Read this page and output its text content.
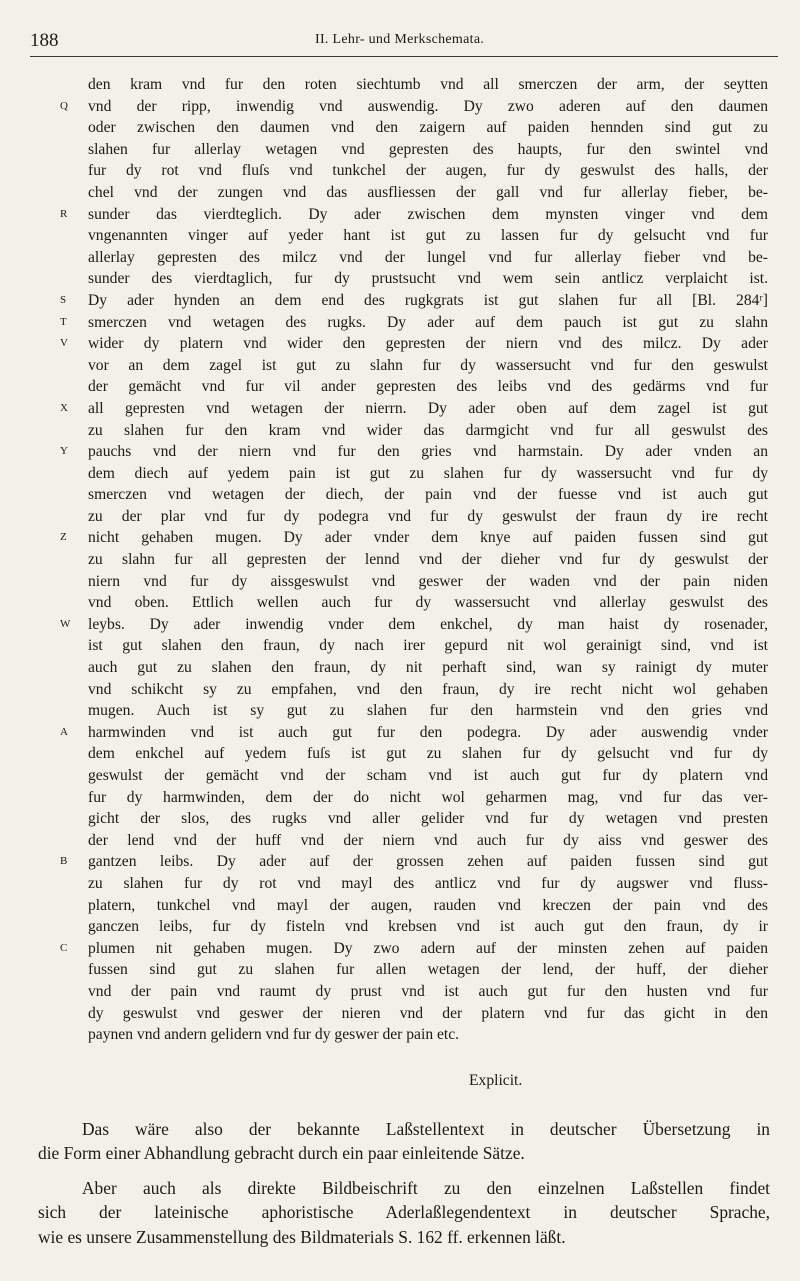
188	II. Lehr- und Merkschemata.
den kram vnd fur den roten siechtumb vnd all smerczen der arm, der seytten
Q vnd der ripp, inwendig vnd auswendig. Dy zwo aderen auf den daumen
oder zwischen den daumen vnd den zaigern auf paiden hennden sind gut zu
slahen fur allerlay wetagen vnd gepresten des haupts, fur den swintel vnd
fur dy rot vnd fluſs vnd tunkchel der augen, fur dy geswulst des halls, der
chel vnd der zungen vnd das ausfliessen der gall vnd fur allerlay fieber, be-
R sunder das vierdteglich. Dy ader zwischen dem mynsten vinger vnd dem
vngenannten vinger auf yeder hant ist gut zu lassen fur dy gelsucht vnd fur
allerlay gepresten des milcz vnd der lungel vnd fur allerlay fieber vnd be-
sunder des vierdtaglich, fur dy prustsucht vnd wem sein antlicz verplaicht ist.
S Dy ader hynden an dem end des rugkgrats ist gut slahen fur all [Bl. 284ʳ]
T smerczen vnd wetagen des rugks. Dy ader auf dem pauch ist gut zu slahn
V wider dy platern vnd wider den gepresten der niern vnd des milcz. Dy ader
vor an dem zagel ist gut zu slahn fur dy wassersucht vnd fur den geswulst
der gemächt vnd fur vil ander gepresten des leibs vnd des gedärms vnd fur
X all gepresten vnd wetagen der nierrn. Dy ader oben auf dem zagel ist gut
zu slahen fur den kram vnd wider das darmgicht vnd fur all geswulst des
Y pauchs vnd der niern vnd fur den gries vnd harmstain. Dy ader vnden an
dem diech auf yedem pain ist gut zu slahen fur dy wassersucht vnd fur dy
smerczen vnd wetagen der diech, der pain vnd der fuesse vnd ist auch gut
zu der plar vnd fur dy podegra vnd fur dy geswulst der fraun dy ire recht
Z nicht gehaben mugen. Dy ader vnder dem knye auf paiden fussen sind gut
zu slahn fur all gepresten der lennd vnd der dieher vnd fur dy geswulst der
niern vnd fur dy aissgeswulst vnd geswer der waden vnd der pain niden
vnd oben. Ettlich wellen auch fur dy wassersucht vnd allerlay geswulst des
W leybs. Dy ader inwendig vnder dem enkchel, dy man haist dy rosenader,
ist gut slahen den fraun, dy nach irer gepurd nit wol gerainigt sind, vnd ist
auch gut zu slahen den fraun, dy nit perhaft sind, wan sy rainigt dy muter
vnd schikcht sy zu empfahen, vnd den fraun, dy ire recht nicht wol gehaben
mugen. Auch ist sy gut zu slahen fur den harmstein vnd den gries vnd
A harmwinden vnd ist auch gut fur den podegra. Dy ader auswendig vnder
dem enkchel auf yedem fuſs ist gut zu slahen fur dy gelsucht vnd fur dy
geswulst der gemächt vnd der scham vnd ist auch gut fur dy platern vnd
fur dy harmwinden, dem der do nicht wol geharmen mag, vnd fur das ver-
gicht der slos, des rugks vnd aller gelider vnd fur dy wetagen vnd presten
der lend vnd der huff vnd der niern vnd auch fur dy aiss vnd geswer des
B gantzen leibs. Dy ader auf der grossen zehen auf paiden fussen sind gut
zu slahen fur dy rot vnd mayl des antlicz vnd fur dy augswer vnd fluss-
platern, tunkchel vnd mayl der augen, rauden vnd kreczen der pain vnd des
ganczen leibs, fur dy fisteln vnd krebsen vnd ist auch gut den fraun, dy ir
C plumen nit gehaben mugen. Dy zwo adern auf der minsten zehen auf paiden
fussen sind gut zu slahen fur allen wetagen der lend, der huff, der dieher
vnd der pain vnd raumt dy prust vnd ist auch gut fur den husten vnd fur
dy geswulst vnd geswer der nieren vnd der platern vnd fur das gicht in den
paynen vnd andern gelidern vnd fur dy geswer der pain etc.
Explicit.
Das wäre also der bekannte Laßstellentext in deutscher Übersetzung in
die Form einer Abhandlung gebracht durch ein paar einleitende Sätze.
Aber auch als direkte Bildbeischrift zu den einzelnen Laßstellen findet
sich der lateinische aphoristische Aderlaßlegendentext in deutscher Sprache,
wie es unsere Zusammenstellung des Bildmaterials S. 162 ff. erkennen läßt.
